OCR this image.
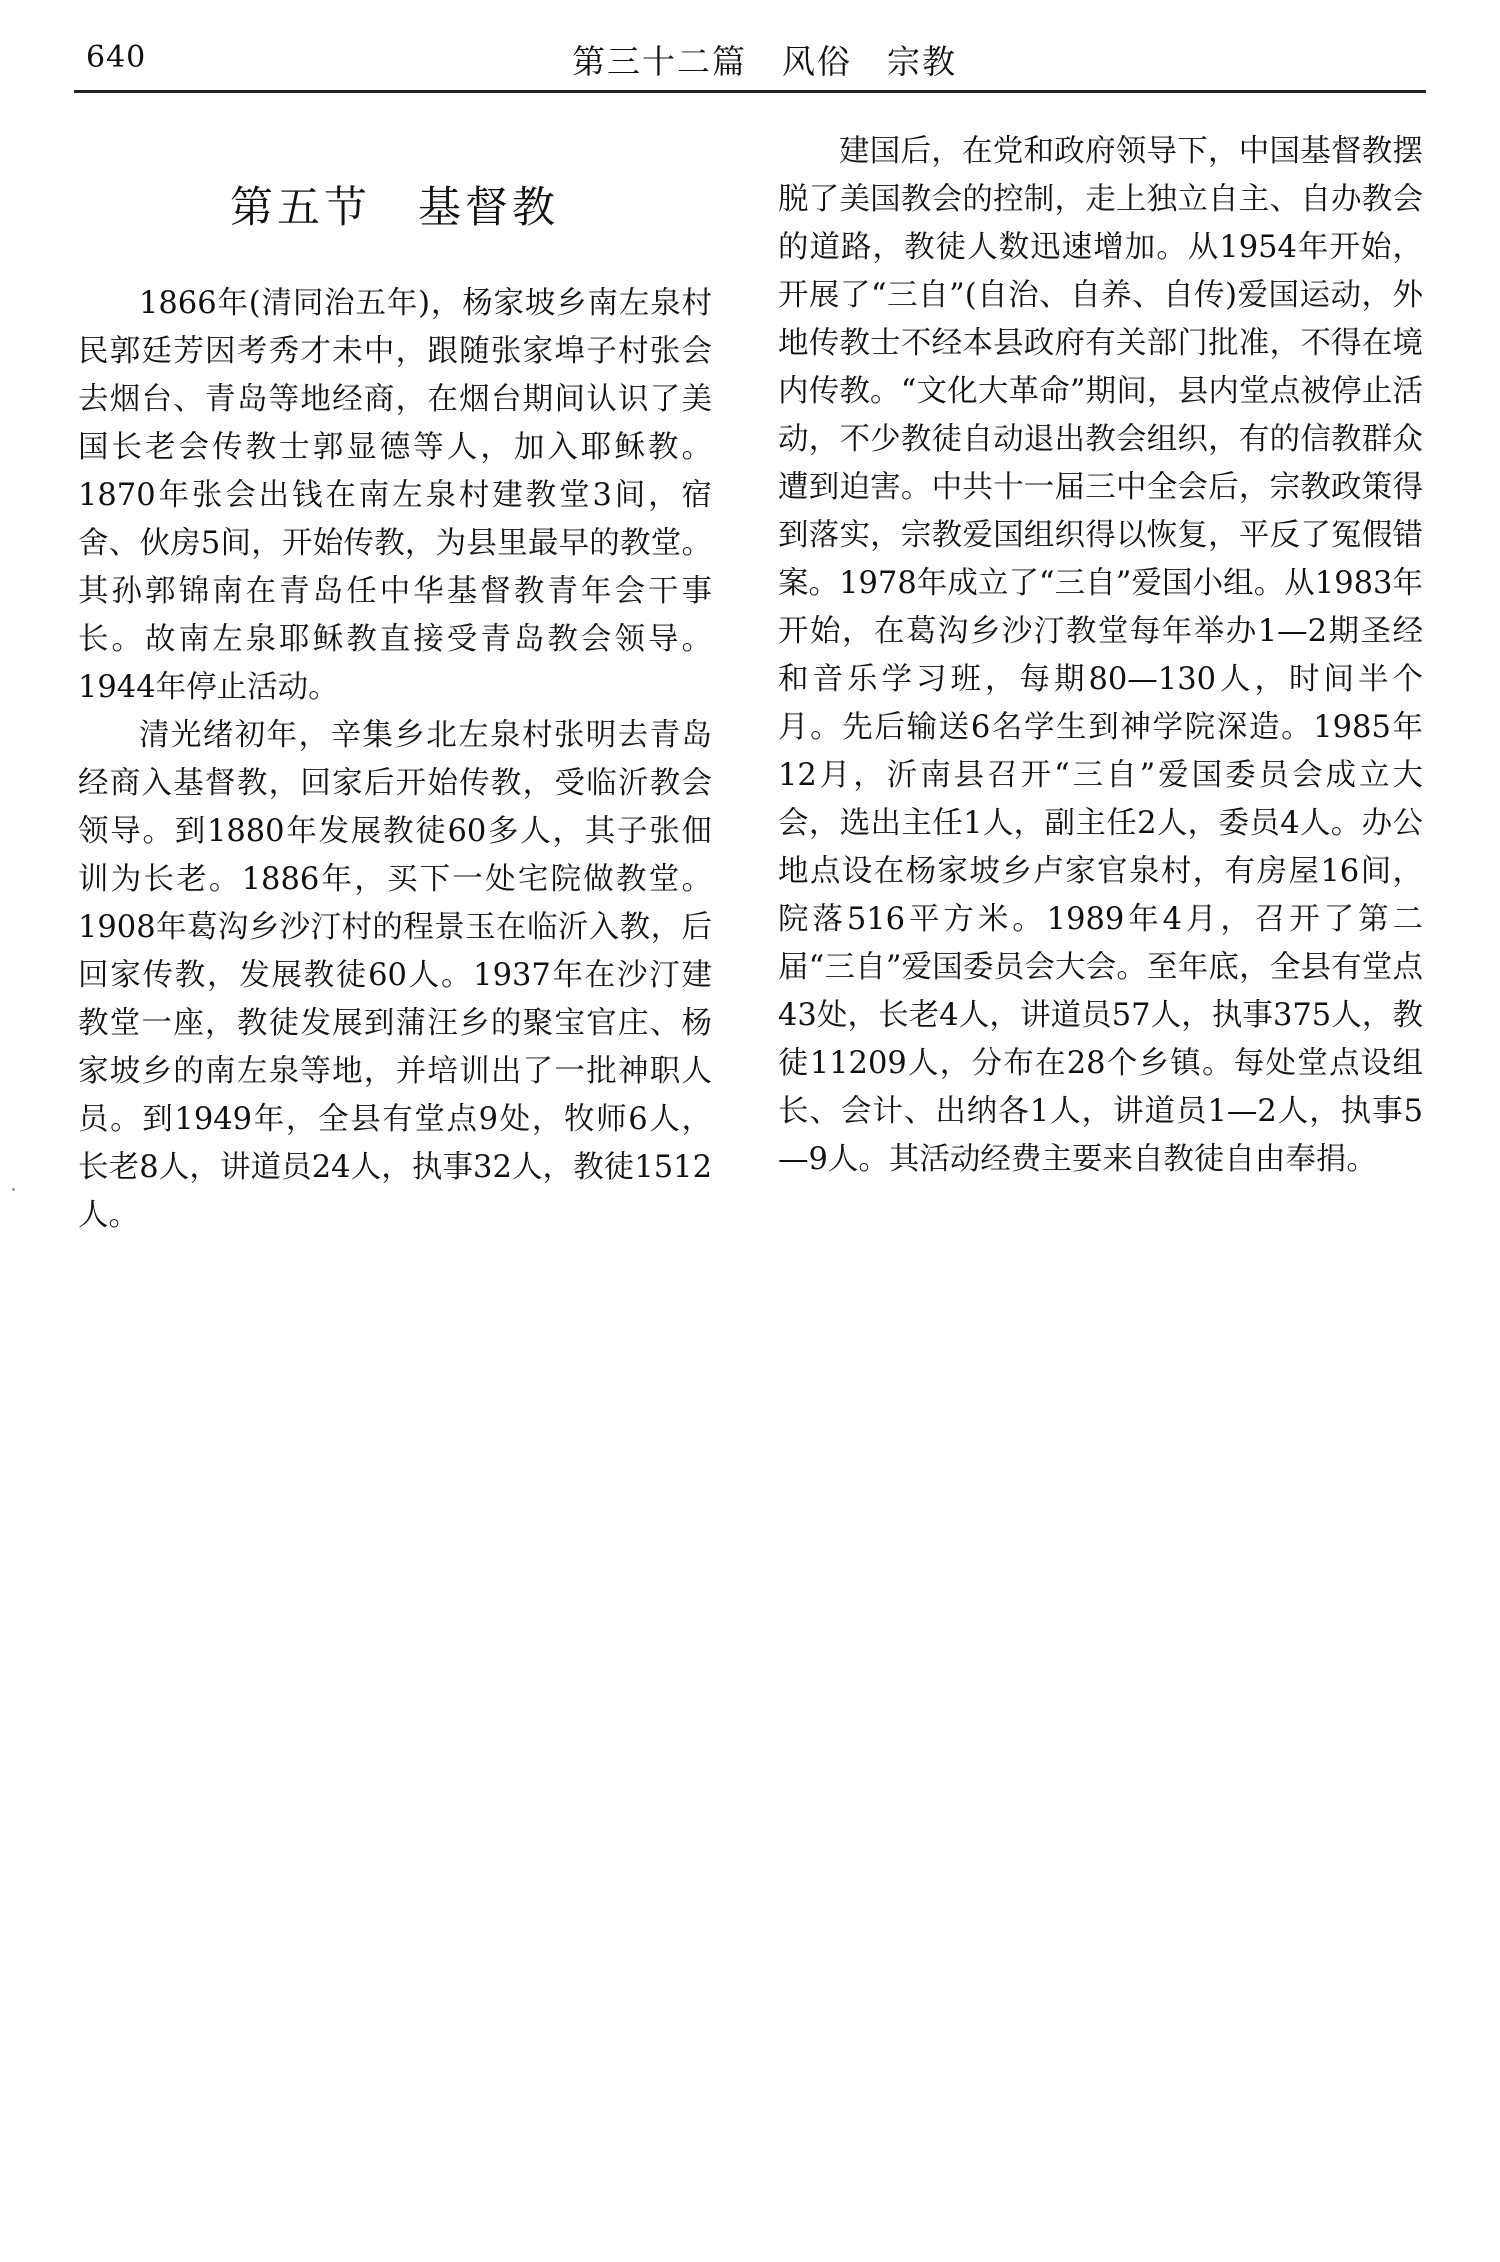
640	第三十二篇　风俗　宗教
第五节　基督教

1866年(清同治五年)，杨家坡乡南左泉村民郭廷芳因考秀才未中，跟随张家埠子村张会去烟台、青岛等地经商，在烟台期间认识了美国长老会传教士郭显德等人，加入耶稣教。1870年张会出钱在南左泉村建教堂3间，宿舍、伙房5间，开始传教，为县里最早的教堂。其孙郭锦南在青岛任中华基督教青年会干事长。故南左泉耶稣教直接受青岛教会领导。1944年停止活动。

清光绪初年，辛集乡北左泉村张明去青岛经商入基督教，回家后开始传教，受临沂教会领导。到1880年发展教徒60多人，其子张佃训为长老。1886年，买下一处宅院做教堂。1908年葛沟乡沙汀村的程景玉在临沂入教，后回家传教，发展教徒60人。1937年在沙汀建教堂一座，教徒发展到蒲汪乡的聚宝官庄、杨家坡乡的南左泉等地，并培训出了一批神职人员。到1949年，全县有堂点9处，牧师6人，长老8人，讲道员24人，执事32人，教徒1512人。

建国后，在党和政府领导下，中国基督教摆脱了美国教会的控制，走上独立自主、自办教会的道路，教徒人数迅速增加。从1954年开始，开展了“三自”(自治、自养、自传)爱国运动，外地传教士不经本县政府有关部门批准，不得在境内传教。“文化大革命”期间，县内堂点被停止活动，不少教徒自动退出教会组织，有的信教群众遭到迫害。中共十一届三中全会后，宗教政策得到落实，宗教爱国组织得以恢复，平反了冤假错案。1978年成立了“三自”爱国小组。从1983年开始，在葛沟乡沙汀教堂每年举办1—2期圣经和音乐学习班，每期80—130人，时间半个月。先后输送6名学生到神学院深造。1985年12月，沂南县召开“三自”爱国委员会成立大会，选出主任1人，副主任2人，委员4人。办公地点设在杨家坡乡卢家官泉村，有房屋16间，院落516平方米。1989年4月，召开了第二届“三自”爱国委员会大会。至年底，全县有堂点43处，长老4人，讲道员57人，执事375人，教徒11209人，分布在28个乡镇。每处堂点设组长、会计、出纳各1人，讲道员1—2人，执事5—9人。其活动经费主要来自教徒自由奉捐。
